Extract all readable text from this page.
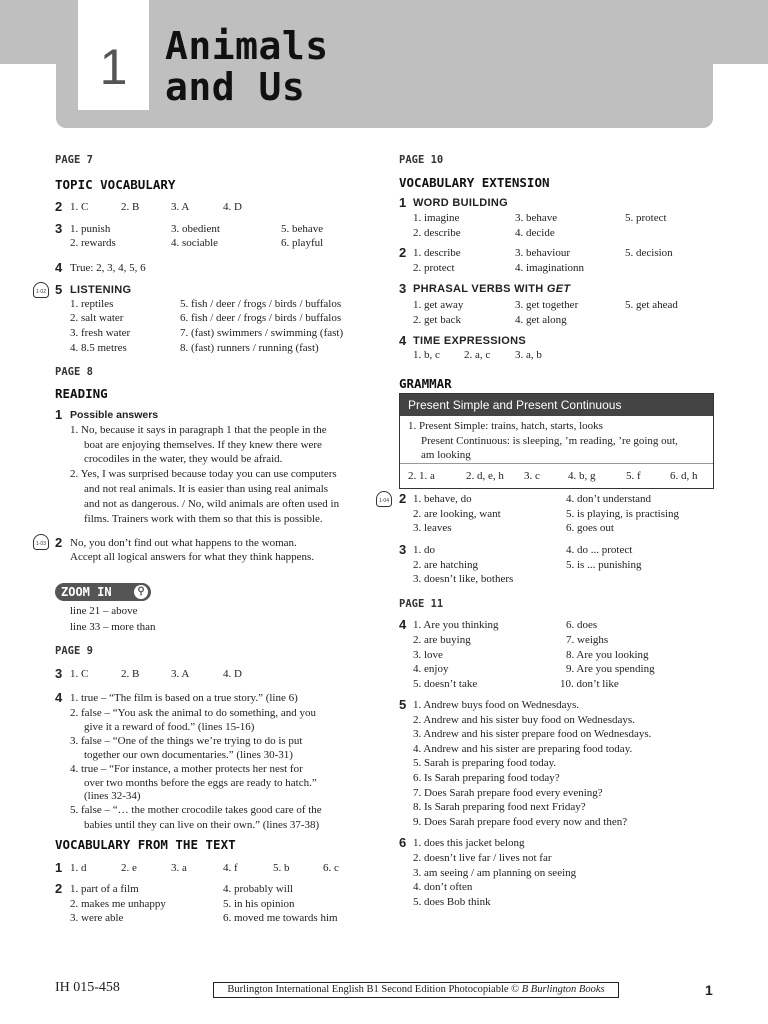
1 Animals
and Us
PAGE 7
TOPIC VOCABULARY
2 1. C	2. B	3. A	4. D
3 1. punish	3. obedient	5. behave
2. rewards	4. sociable	6. playful
4 True: 2, 3, 4, 5, 6
1·02 5 LISTENING
1. reptiles	5. fish / deer / frogs / birds / buffalos
2. salt water	6. fish / deer / frogs / birds / buffalos
3. fresh water	7. (fast) swimmers / swimming (fast)
4. 8.5 metres	8. (fast) runners / running (fast)
PAGE 8
READING
1 Possible answers
1. No, because it says in paragraph 1 that the people in the
boat are enjoying themselves. If they knew there were
crocodiles in the water, they would be afraid.
2. Yes, I was surprised because today you can use computers
and not real animals. It is easier than using real animals
and not as dangerous. / No, wild animals are often used in
films. Trainers work with them so that this is possible.
1·03 2 No, you don’t find out what happens to the woman.
Accept all logical answers for what they think happens.
ZOOM IN	⚲
line 21 – above
line 33 – more than
PAGE 9
3 1. C	2. B	3. A	4. D
4 1. true – “The film is based on a true story.” (line 6)
2. false – “You ask the animal to do something, and you
give it a reward of food.” (lines 15-16)
3. false – “One of the things we’re trying to do is put
together our own documentaries.” (lines 30-31)
4. true – “For instance, a mother protects her nest for
over two months before the eggs are ready to hatch.”
(lines 32-34)
5. false – “… the mother crocodile takes good care of the
babies until they can live on their own.” (lines 37-38)
VOCABULARY FROM THE TEXT
1 1. d	2. e	3. a	4. f	5. b	6. c
2 1. part of a film	4. probably will
2. makes me unhappy	5. in his opinion
3. were able	6. moved me towards him
PAGE 10
VOCABULARY EXTENSION
1 WORD BUILDING
1. imagine	3. behave	5. protect
2. describe	4. decide
2 1. describe	3. behaviour	5. decision
2. protect	4. imaginationn
3 PHRASAL VERBS WITH GET
1. get away	3. get together	5. get ahead
2. get back	4. get along
4 TIME EXPRESSIONS
1. b, c 2. a, c 3. a, b
GRAMMAR
Present Simple and Present Continuous
1. Present Simple: trains, hatch, starts, looks
Present Continuous: is sleeping, ’m reading, ’re going out,
am looking
2. 1. a	2. d, e, h 3. c	4. b, g	5. f	6. d, h
1·04 2 1. behave, do	4. don’t understand
2. are looking, want	5. is playing, is practising
3. leaves	6. goes out
3 1. do	4. do ... protect
2. are hatching	5. is ... punishing
3. doesn’t like, bothers
PAGE 11
4 1. Are you thinking	6. does
2. are buying	7. weighs
3. love	8. Are you looking
4. enjoy	9. Are you spending
5. doesn’t take	10. don’t like
5 1. Andrew buys food on Wednesdays.
2. Andrew and his sister buy food on Wednesdays.
3. Andrew and his sister prepare food on Wednesdays.
4. Andrew and his sister are preparing food today.
5. Sarah is preparing food today.
6. Is Sarah preparing food today?
7. Does Sarah prepare food every evening?
8. Is Sarah preparing food next Friday?
9. Does Sarah prepare food every now and then?
6 1. does this jacket belong
2. doesn’t live far / lives not far
3. am seeing / am planning on seeing
4. don’t often
5. does Bob think
IH 015-458	Burlington International English B1 Second Edition Photocopiable © B Burlington Books	1
